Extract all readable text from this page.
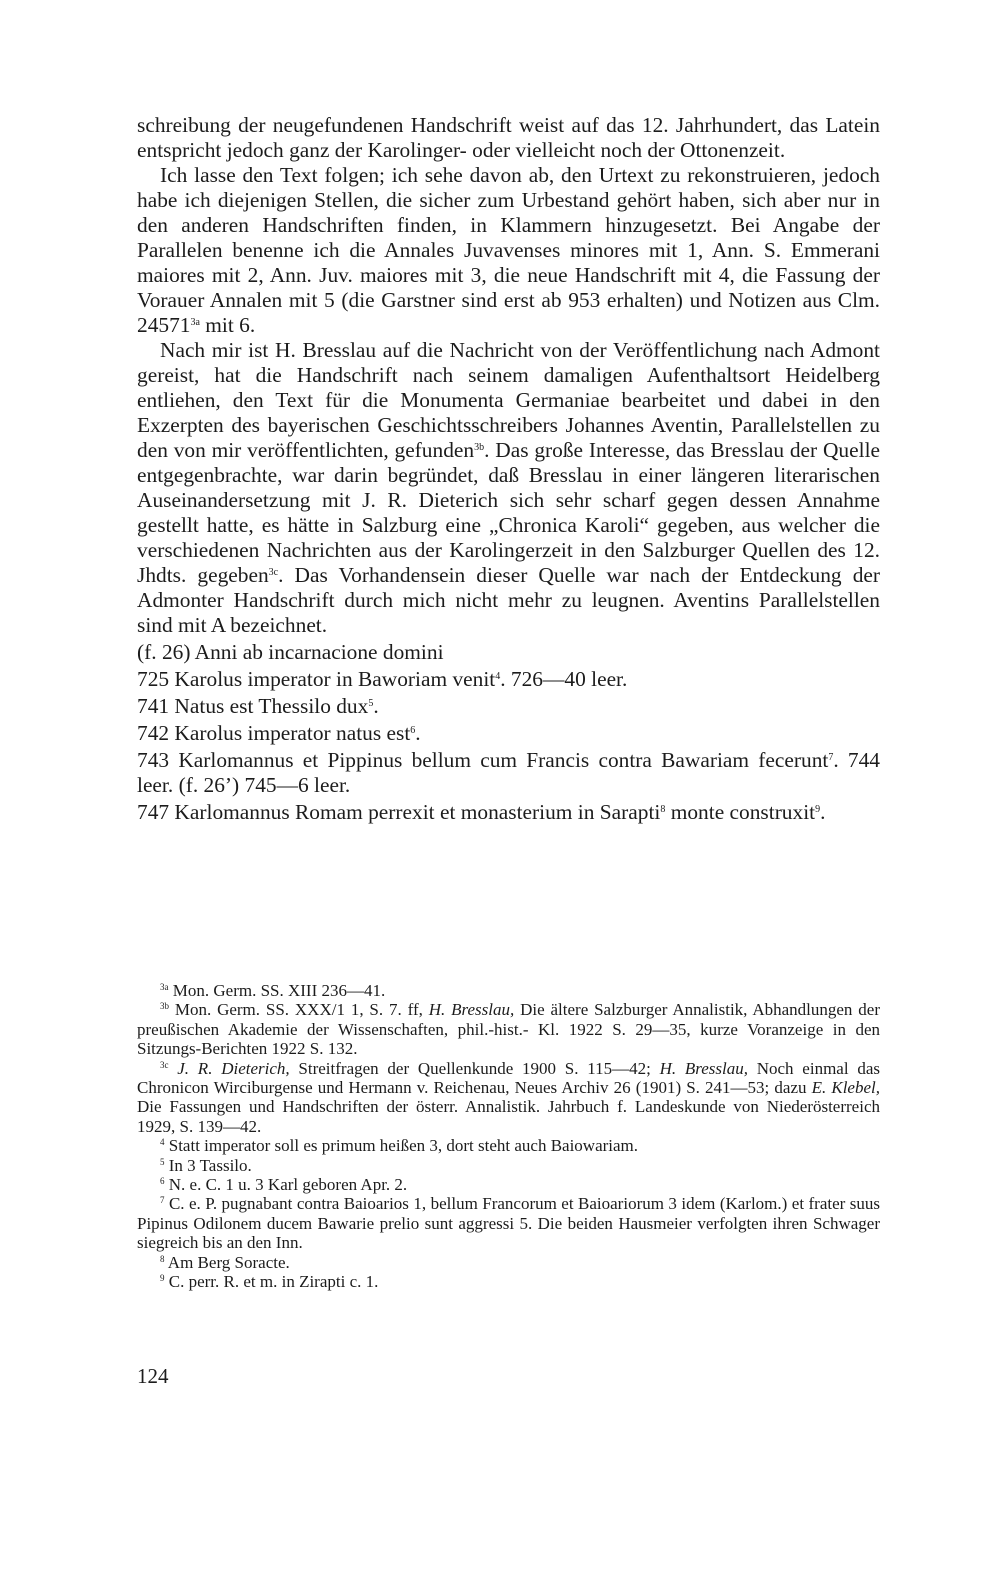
schreibung der neugefundenen Handschrift weist auf das 12. Jahrhundert, das Latein entspricht jedoch ganz der Karolinger- oder vielleicht noch der Ottonenzeit.

Ich lasse den Text folgen; ich sehe davon ab, den Urtext zu rekonstruieren, jedoch habe ich diejenigen Stellen, die sicher zum Urbestand gehört haben, sich aber nur in den anderen Handschriften finden, in Klammern hinzugesetzt. Bei Angabe der Parallelen benenne ich die Annales Juvavenses minores mit 1, Ann. S. Emmerani maiores mit 2, Ann. Juv. maiores mit 3, die neue Handschrift mit 4, die Fassung der Vorauer Annalen mit 5 (die Garstner sind erst ab 953 erhalten) und Notizen aus Clm. $24571^{3a}$ mit 6.

Nach mir ist H. Bresslau auf die Nachricht von der Veröffentlichung nach Admont gereist, hat die Handschrift nach seinem damaligen Aufenthaltsort Heidelberg entliehen, den Text für die Monumenta Germaniae bearbeitet und dabei in den Exzerpten des bayerischen Geschichtsschreibers Johannes Aventin, Parallelstellen zu den von mir veröffentlichten, gefunden$^{3b}$. Das große Interesse, das Bresslau der Quelle entgegenbrachte, war darin begründet, daß Bresslau in einer längeren literarischen Auseinandersetzung mit J. R. Dieterich sich sehr scharf gegen dessen Annahme gestellt hatte, es hätte in Salzburg eine „Chronica Karoli“ gegeben, aus welcher die verschiedenen Nachrichten aus der Karolingerzeit in den Salzburger Quellen des 12. Jhdts. gegeben$^{3c}$. Das Vorhandensein dieser Quelle war nach der Entdeckung der Admonter Handschrift durch mich nicht mehr zu leugnen. Aventins Parallelstellen sind mit A bezeichnet.

(f. 26) Anni ab incarnacione domini

725 Karolus imperator in Baworiam venit$^4$. 726—40 leer.

741 Natus est Thessilo dux$^5$.

742 Karolus imperator natus est$^6$.

743 Karlomannus et Pippinus bellum cum Francis contra Bawariam fecerunt$^7$. 744 leer. (f. 26’) 745—6 leer.

747 Karlomannus Romam perrexit et monasterium in Sarapti$^8$ monte construxit$^9$.

$^{3a}$ Mon. Germ. SS. XIII 236—41.

$^{3b}$ Mon. Germ. SS. XXX/1 1, S. 7. ff, H. Bresslau, Die ältere Salzburger Annalistik, Abhandlungen der preußischen Akademie der Wissenschaften, phil.-hist.- Kl. 1922 S. 29—35, kurze Voranzeige in den Sitzungs-Berichten 1922 S. 132.

$^{3c}$ J. R. Dieterich, Streitfragen der Quellenkunde 1900 S. 115—42; H. Bresslau, Noch einmal das Chronicon Wirciburgense und Hermann v. Reichenau, Neues Archiv 26 (1901) S. 241—53; dazu E. Klebel, Die Fassungen und Handschriften der österr. Annalistik. Jahrbuch f. Landeskunde von Niederösterreich 1929, S. 139—42.

$^4$ Statt imperator soll es primum heißen 3, dort steht auch Baiowariam.

$^5$ In 3 Tassilo.

$^6$ N. e. C. 1 u. 3 Karl geboren Apr. 2.

$^7$ C. e. P. pugnabant contra Baioarios 1, bellum Francorum et Baioariorum 3 idem (Karlom.) et frater suus Pipinus Odilonem ducem Bawarie prelio sunt aggressi 5. Die beiden Hausmeier verfolgten ihren Schwager siegreich bis an den Inn.

$^8$ Am Berg Soracte.

$^9$ C. perr. R. et m. in Zirapti c. 1.

124
